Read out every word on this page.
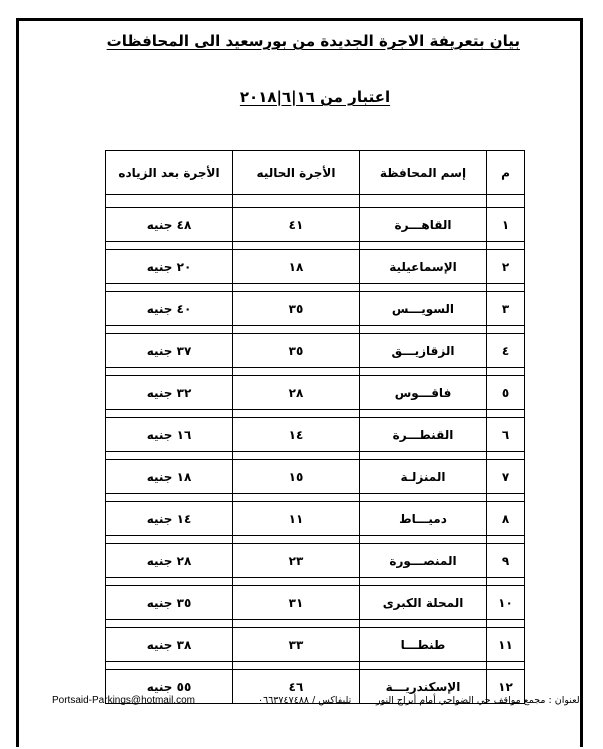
بيان بتعريفة الاجرة الجديدة من بورسعيد الى المحافظات
اعتبار من ١٦|٦|٢٠١٨
م	إسم المحافظة	الأجرة الحاليه	الأجرة بعد الزياده

١	القاهـــرة	٤١	٤٨ جنيه

٢	الإسماعيلية	١٨	٢٠ جنيه

٣	السويـــس	٣٥	٤٠ جنيه

٤	الزقازيـــق	٣٥	٣٧ جنيه

٥	فاقـــوس	٢٨	٣٢ جنيه

٦	القنطـــرة	١٤	١٦ جنيه

٧	المنزلـة	١٥	١٨ جنيه

٨	دميـــاط	١١	١٤ جنيه

٩	المنصـــورة	٢٣	٢٨ جنيه

١٠	المحلة الكبرى	٣١	٣٥ جنيه

١١	طنطـــا	٣٣	٣٨ جنيه

١٢	الإسكندريـــة	٤٦	٥٥ جنيه
Portsaid-Parkings@hotmail.com	تليفاكس / ٠٦٦٣٧٤٧٤٨٨	لعنوان : مجمع مواقف حي الضواحي أمام أبراج النور
